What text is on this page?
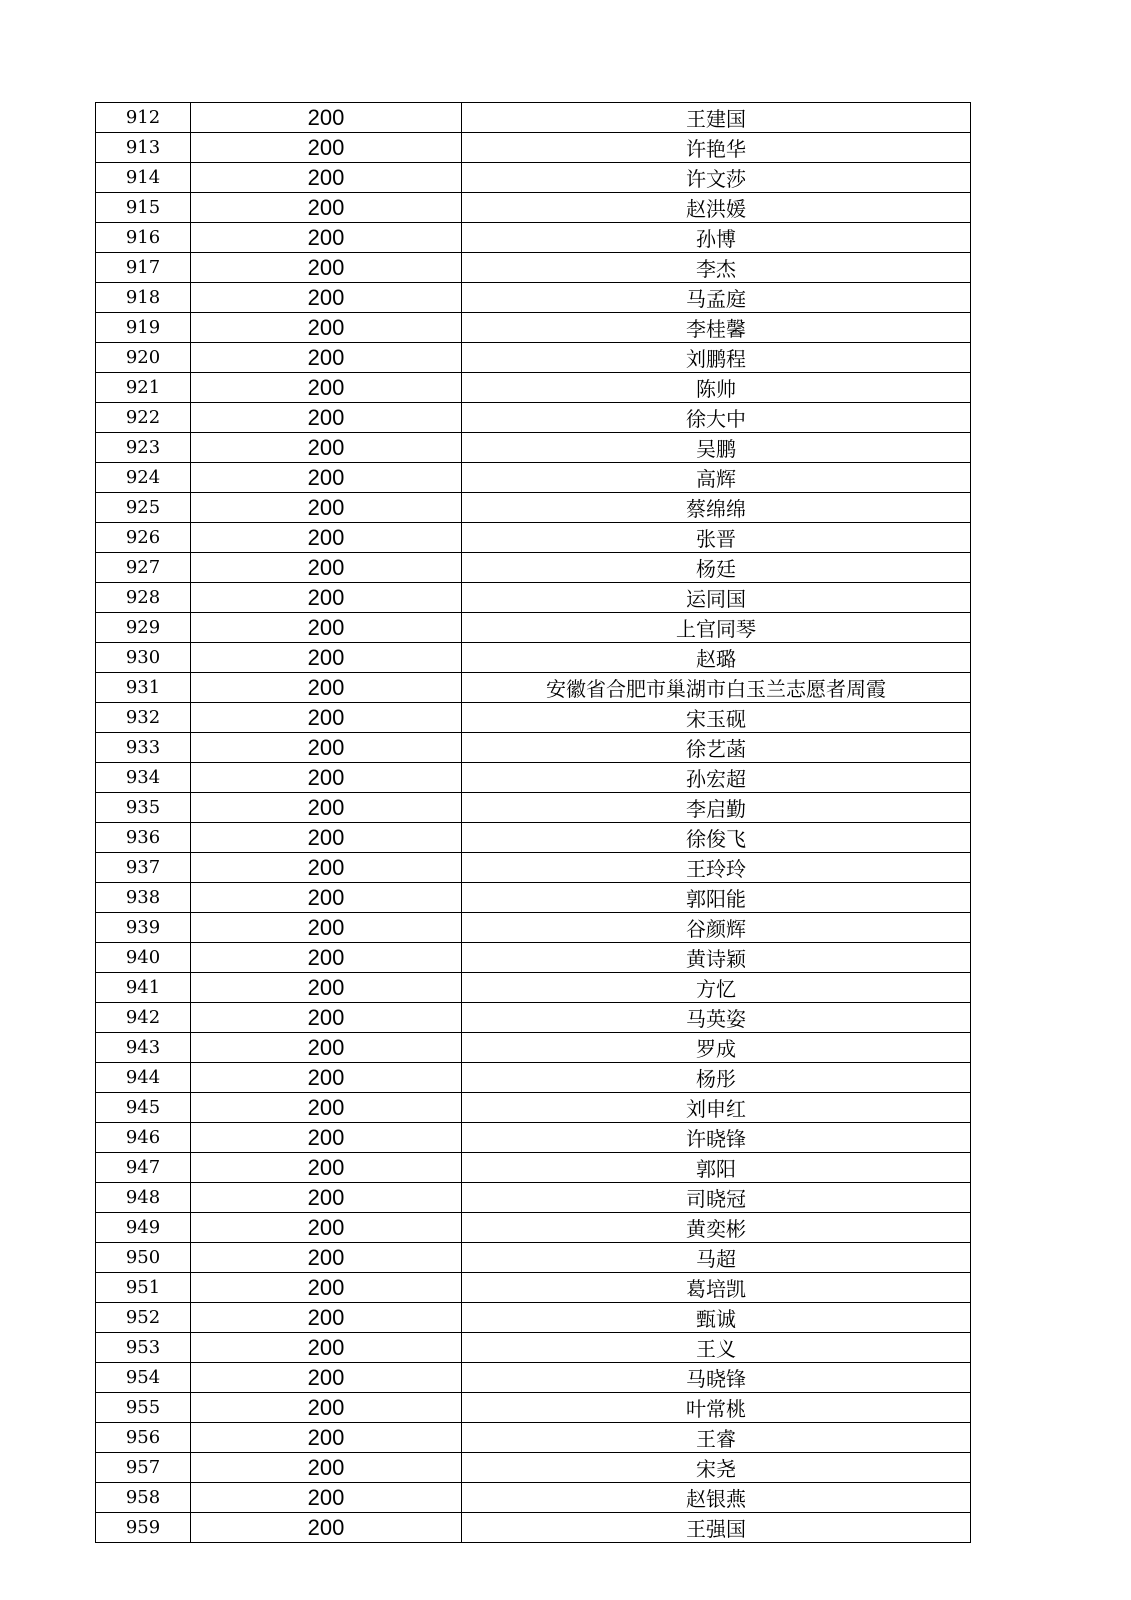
912	200	王建国
913	200	许艳华
914	200	许文莎
915	200	赵洪媛
916	200	孙博
917	200	李杰
918	200	马孟庭
919	200	李桂馨
920	200	刘鹏程
921	200	陈帅
922	200	徐大中
923	200	吴鹏
924	200	高辉
925	200	蔡绵绵
926	200	张晋
927	200	杨廷
928	200	运同国
929	200	上官同琴
930	200	赵璐
931	200	安徽省合肥市巢湖市白玉兰志愿者周霞
932	200	宋玉砚
933	200	徐艺菡
934	200	孙宏超
935	200	李启勤
936	200	徐俊飞
937	200	王玲玲
938	200	郭阳能
939	200	谷颜辉
940	200	黄诗颖
941	200	方忆
942	200	马英姿
943	200	罗成
944	200	杨彤
945	200	刘申红
946	200	许晓锋
947	200	郭阳
948	200	司晓冠
949	200	黄奕彬
950	200	马超
951	200	葛培凯
952	200	甄诚
953	200	王义
954	200	马晓锋
955	200	叶常桃
956	200	王睿
957	200	宋尧
958	200	赵银燕
959	200	王强国
